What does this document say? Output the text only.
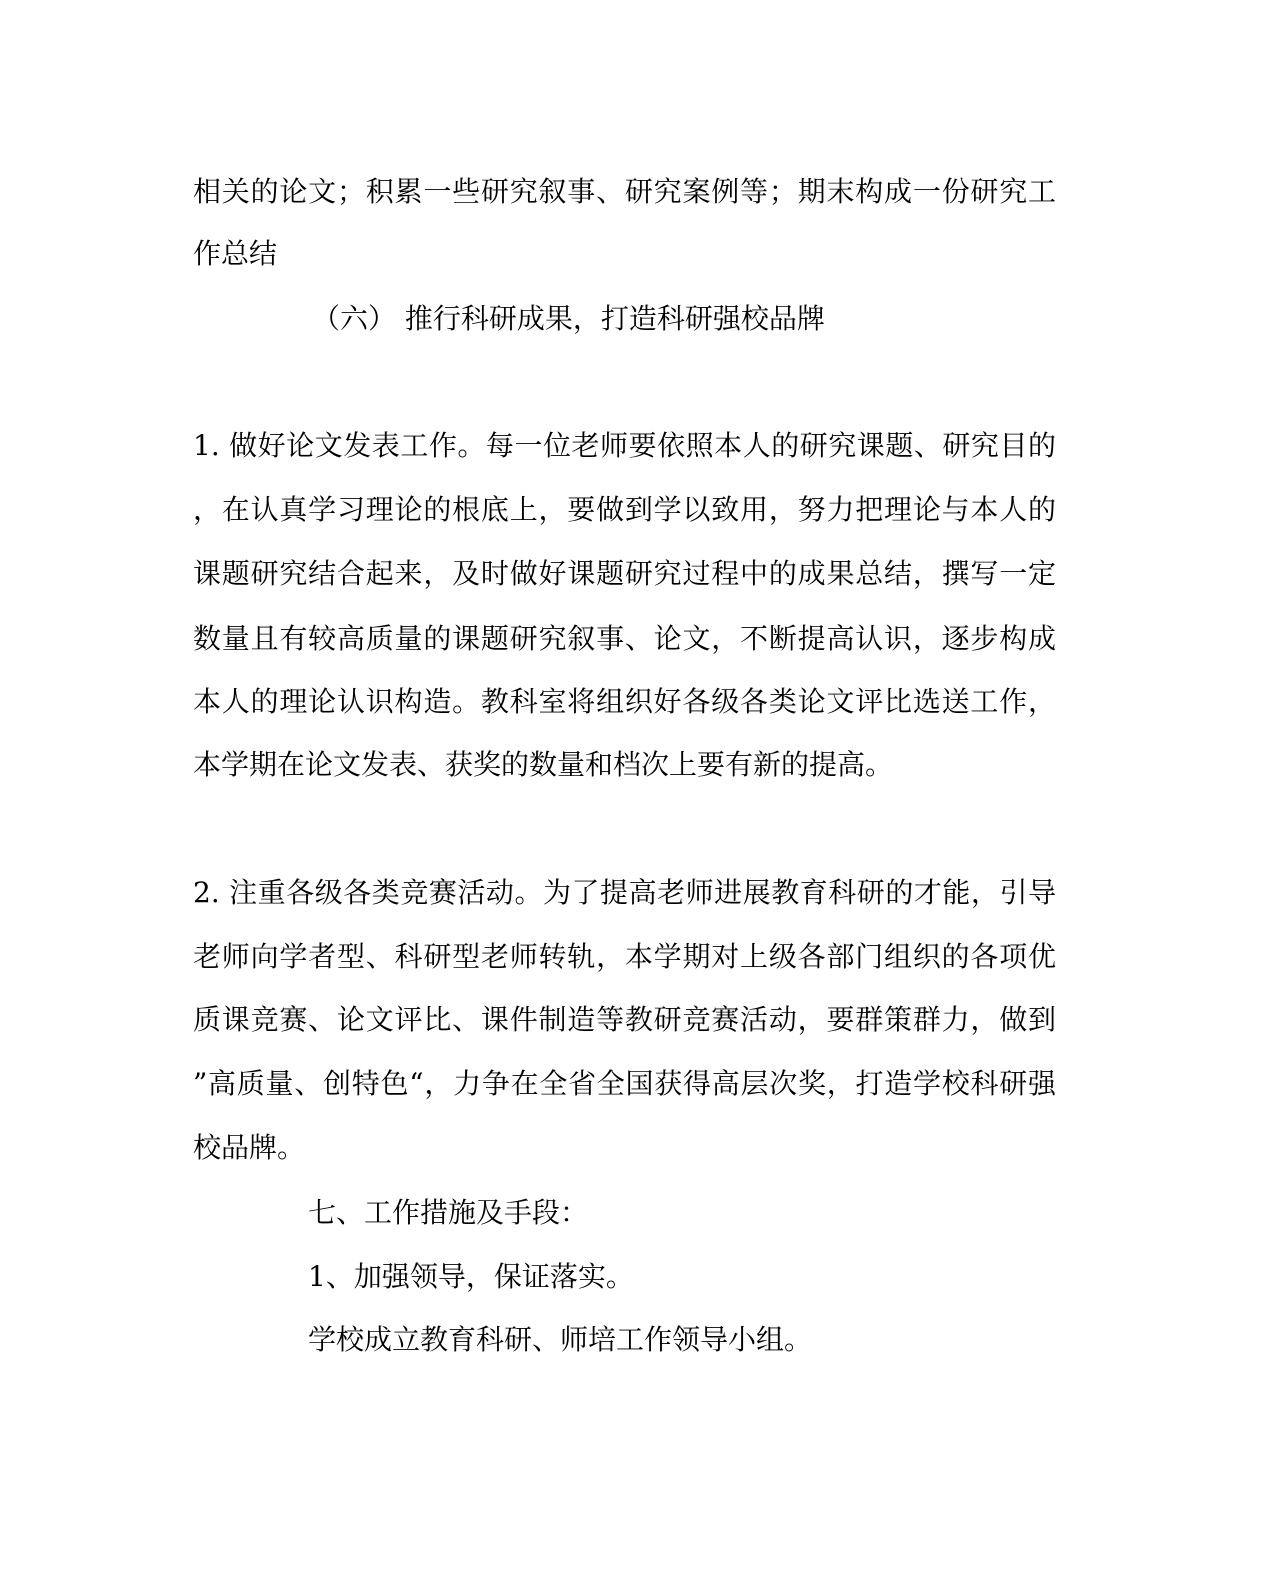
相关的论文；积累一些研究叙事、研究案例等；期末构成一份研究工
作总结
（六） 推行科研成果，打造科研强校品牌
1. 做好论文发表工作。每一位老师要依照本人的研究课题、研究目的
，在认真学习理论的根底上，要做到学以致用，努力把理论与本人的
课题研究结合起来，及时做好课题研究过程中的成果总结，撰写一定
数量且有较高质量的课题研究叙事、论文，不断提高认识，逐步构成
本人的理论认识构造。教科室将组织好各级各类论文评比选送工作，
本学期在论文发表、获奖的数量和档次上要有新的提高。
2. 注重各级各类竞赛活动。为了提高老师进展教育科研的才能，引导
老师向学者型、科研型老师转轨，本学期对上级各部门组织的各项优
质课竞赛、论文评比、课件制造等教研竞赛活动，要群策群力，做到
”高质量、创特色“，力争在全省全国获得高层次奖，打造学校科研强
校品牌。
七、工作措施及手段：
1、加强领导，保证落实。
学校成立教育科研、师培工作领导小组。
